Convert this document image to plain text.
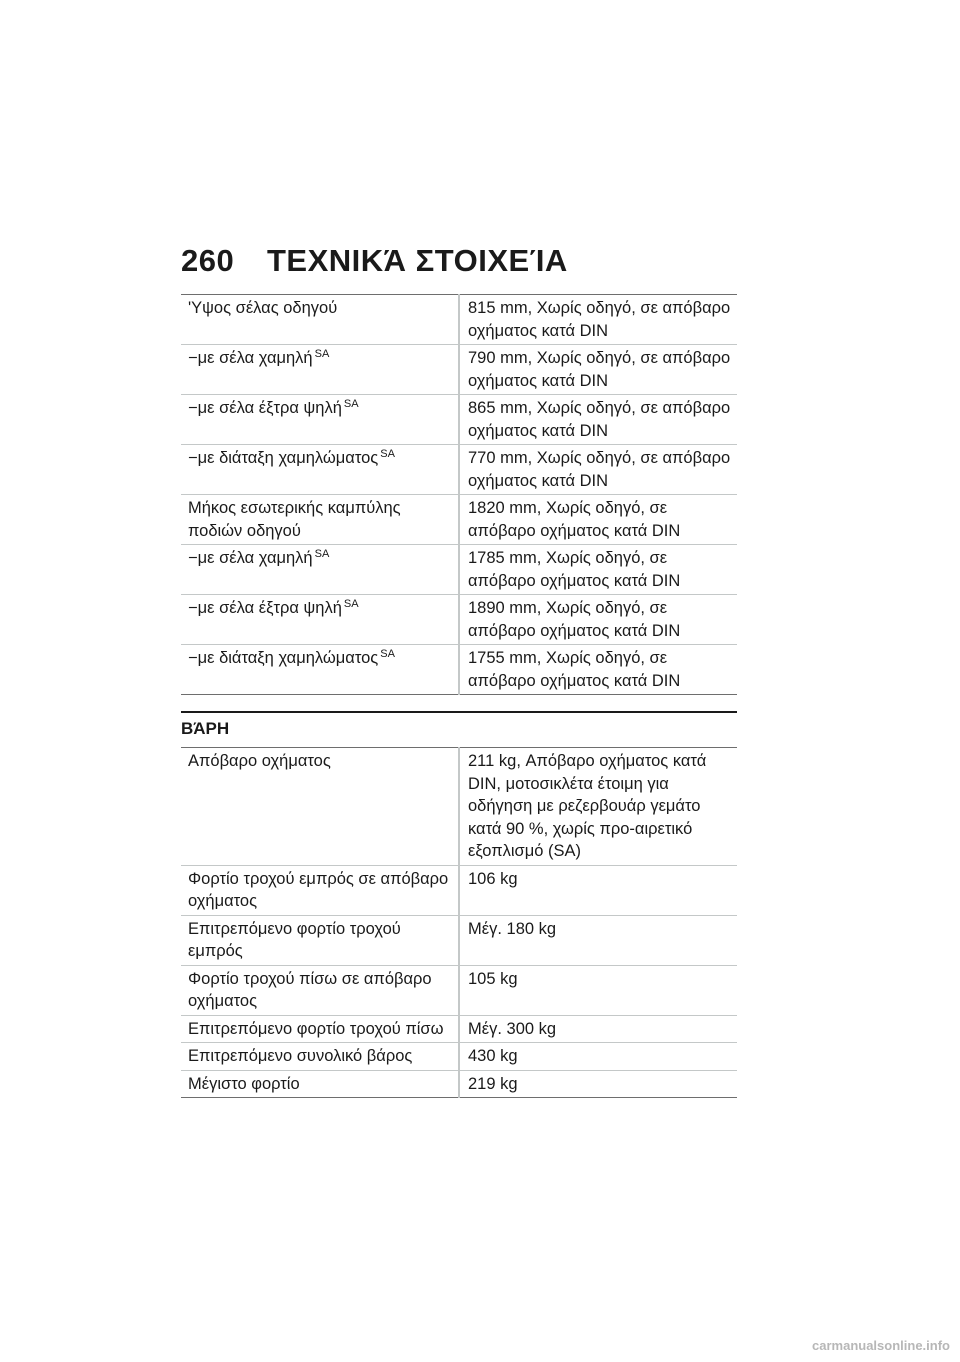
260 ΤΕΧΝΙΚΆ ΣΤΟΙΧΕΊΑ
'Υψος σέλας οδηγού	815 mm, Χωρίς οδηγό, σε απόβαρο οχήματος κατά DIN
−με σέλα χαμηλή $^{SA}$	790 mm, Χωρίς οδηγό, σε απόβαρο οχήματος κατά DIN
−με σέλα έξτρα ψηλή $^{SA}$	865 mm, Χωρίς οδηγό, σε απόβαρο οχήματος κατά DIN
−με διάταξη χαμηλώματος $^{SA}$	770 mm, Χωρίς οδηγό, σε απόβαρο οχήματος κατά DIN
Μήκος εσωτερικής καμπύλης ποδιών οδηγού	1820 mm, Χωρίς οδηγό, σε απόβαρο οχήματος κατά DIN
−με σέλα χαμηλή $^{SA}$	1785 mm, Χωρίς οδηγό, σε απόβαρο οχήματος κατά DIN
−με σέλα έξτρα ψηλή $^{SA}$	1890 mm, Χωρίς οδηγό, σε απόβαρο οχήματος κατά DIN
−με διάταξη χαμηλώματος $^{SA}$	1755 mm, Χωρίς οδηγό, σε απόβαρο οχήματος κατά DIN
ΒΆΡΗ
Απόβαρο οχήματος	211 kg, Απόβαρο οχήματος κατά DIN, μοτοσικλέτα έτοιμη για οδήγηση με ρεζερβουάρ γεμάτο κατά 90 %, χωρίς προ-αιρετικό εξοπλισμό (SA)
Φορτίο τροχού εμπρός σε απόβαρο οχήματος	106 kg
Επιτρεπόμενο φορτίο τροχού εμπρός	Μέγ. 180 kg
Φορτίο τροχού πίσω σε απόβαρο οχήματος	105 kg
Επιτρεπόμενο φορτίο τροχού πίσω	Μέγ. 300 kg
Επιτρεπόμενο συνολικό βάρος	430 kg
Μέγιστο φορτίο	219 kg
carmanualsonline.info
